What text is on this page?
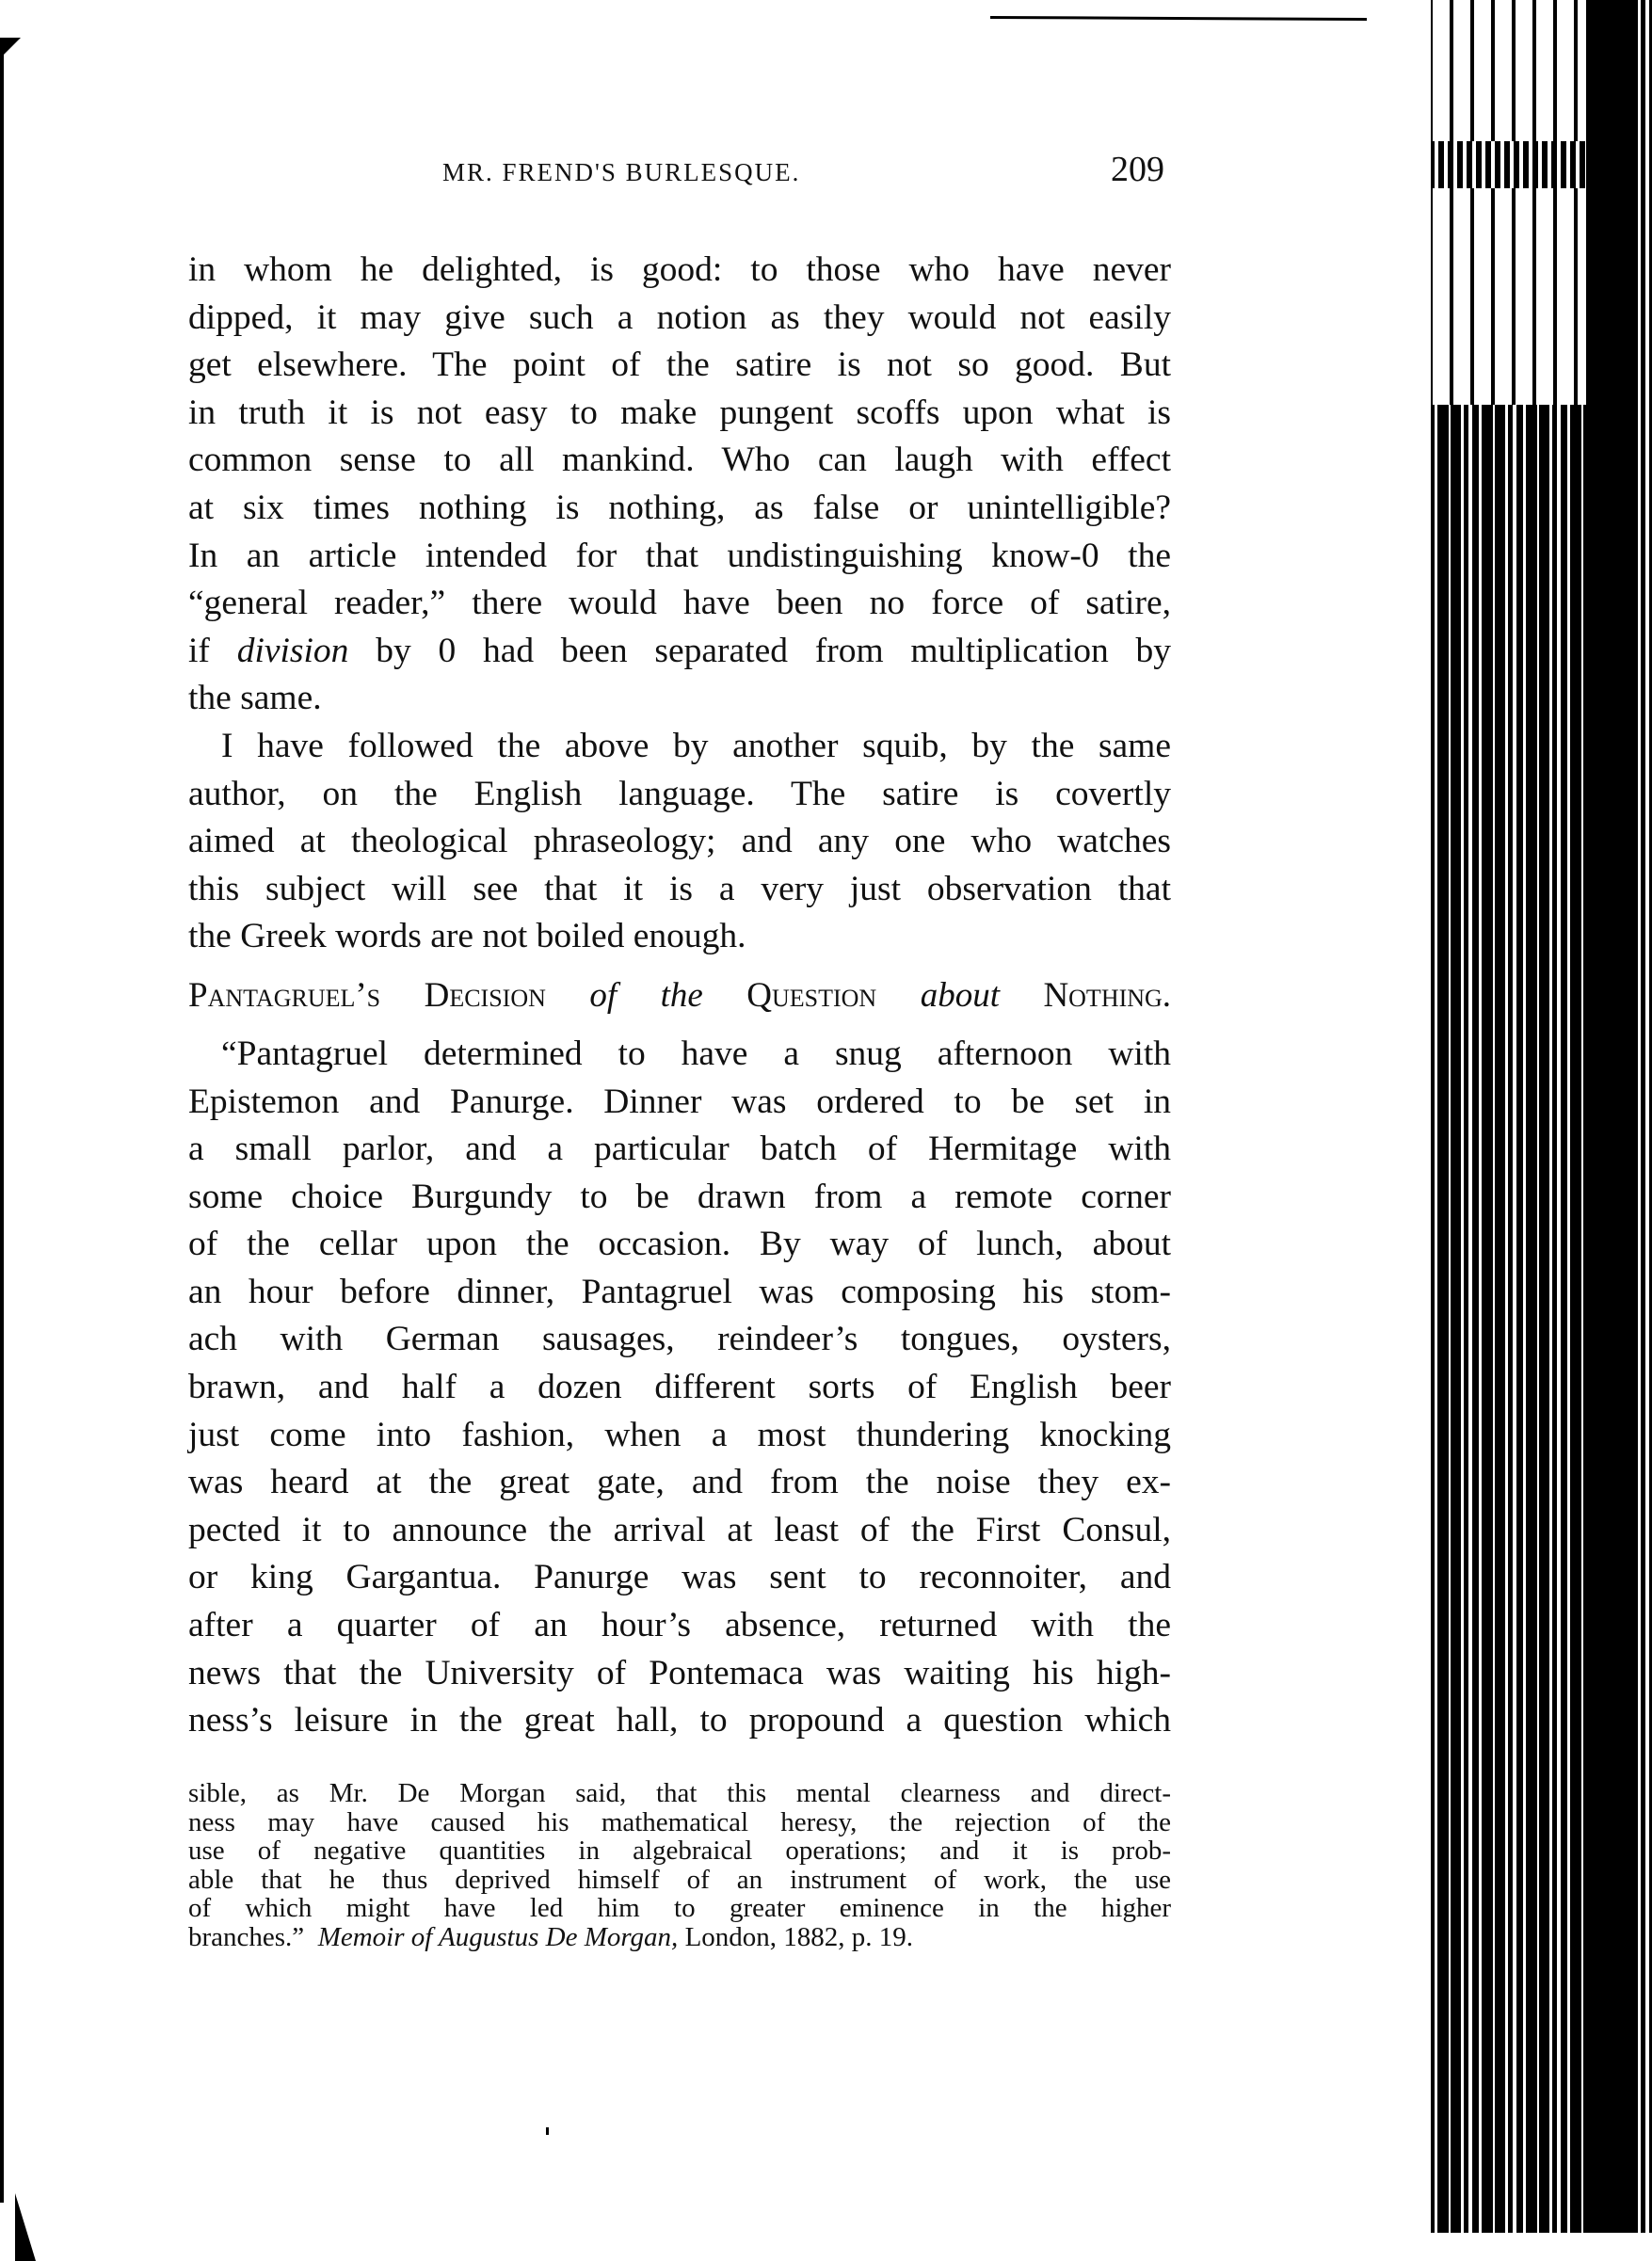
MR. FREND'S BURLESQUE.	209
in whom he delighted, is good: to those who have never
dipped, it may give such a notion as they would not easily
get elsewhere. The point of the satire is not so good. But
in truth it is not easy to make pungent scoffs upon what is
common sense to all mankind. Who can laugh with effect
at six times nothing is nothing, as false or unintelligible?
In an article intended for that undistinguishing know-0 the
“general reader,” there would have been no force of satire,
if division by 0 had been separated from multiplication by
the same.
I have followed the above by another squib, by the same
author, on the English language. The satire is covertly
aimed at theological phraseology; and any one who watches
this subject will see that it is a very just observation that
the Greek words are not boiled enough.
Pantagruel’s Decision of the Question about Nothing.
“Pantagruel determined to have a snug afternoon with
Epistemon and Panurge. Dinner was ordered to be set in
a small parlor, and a particular batch of Hermitage with
some choice Burgundy to be drawn from a remote corner
of the cellar upon the occasion. By way of lunch, about
an hour before dinner, Pantagruel was composing his stom-
ach with German sausages, reindeer’s tongues, oysters,
brawn, and half a dozen different sorts of English beer
just come into fashion, when a most thundering knocking
was heard at the great gate, and from the noise they ex-
pected it to announce the arrival at least of the First Consul,
or king Gargantua. Panurge was sent to reconnoiter, and
after a quarter of an hour’s absence, returned with the
news that the University of Pontemaca was waiting his high-
ness’s leisure in the great hall, to propound a question which
sible, as Mr. De Morgan said, that this mental clearness and direct-
ness may have caused his mathematical heresy, the rejection of the
use of negative quantities in algebraical operations; and it is prob-
able that he thus deprived himself of an instrument of work, the use
of which might have led him to greater eminence in the higher
branches.” Memoir of Augustus De Morgan, London, 1882, p. 19.
